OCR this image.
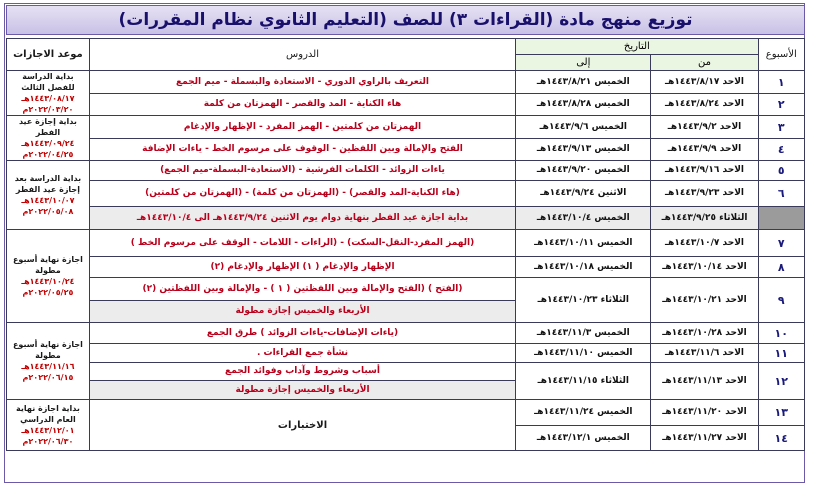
توزيع منهج مادة (القراءات ٣) للصف (التعليم الثانوي نظام المقررات)
الأسبوع	التاريخ		الدروس	موعد الاجازات
	من	إلى		
١	الاحد ١٤٤٣/٨/١٧هـ	الخميس ١٤٤٣/٨/٢١هـ	التعريف بالراوي الدوري - الاستعادة والبسملة - ميم الجمع	بداية الدراسة للفصل الثالث
١٤٤٣/٠٨/١٧هـ
٢٠٢٢/٠٣/٢٠م

٢	الاحد ١٤٤٣/٨/٢٤هـ	الخميس ١٤٤٣/٨/٢٨هـ	هاء الكناية - المد والقصر - الهمزتان من كلمة	
٣	الاحد ١٤٤٣/٩/٢هـ	الخميس ١٤٤٣/٩/٦هـ	الهمزتان من كلمتين - الهمز المفرد - الإظهار والإدغام	بداية إجازة عيد الفطر
١٤٤٣/٠٩/٢٤هـ
٢٠٢٢/٠٤/٢٥م

٤	الاحد ١٤٤٣/٩/٩هـ	الخميس ١٤٤٣/٩/١٣هـ	الفتح والإمالة وبين اللفظين - الوقوف على مرسوم الخط - ياءات الإضافة	
٥	الاحد ١٤٤٣/٩/١٦هـ	الخميس ١٤٤٣/٩/٢٠هـ	ياءات الزوائد - الكلمات الفرشية - (الاستعادة-البسملة-ميم الجمع)	بداية الدراسة بعد إجازة عيد الفطر
١٤٤٣/١٠/٠٧هـ
٢٠٢٢/٠٥/٠٨م

٦	الاحد ١٤٤٣/٩/٢٣هـ	الاثنين ١٤٤٣/٩/٢٤هـ	(هاء الكناية-المد والقصر) - (الهمزتان من كلمة) - (الهمزتان من كلمتين)	
	الثلاثاء ١٤٤٣/٩/٢٥هـ	الخميس ١٤٤٣/١٠/٤هـ	بداية اجازة عيد الفطر بنهاية دوام يوم الاثنين ١٤٤٣/٩/٢٤هـ الى ١٤٤٣/١٠/٤هـ	
٧	الاحد ١٤٤٣/١٠/٧هـ	الخميس ١٤٤٣/١٠/١١هـ	(الهمز المفرد-النقل-السكت) - (الراءات - اللامات - الوقف على مرسوم الخط )	اجازة نهاية أسبوع مطولة
١٤٤٣/١٠/٢٤هـ
٢٠٢٢/٠٥/٢٥م

٨	الاحد ١٤٤٣/١٠/١٤هـ	الخميس ١٤٤٣/١٠/١٨هـ	الإظهار والإدغام ( ١) الإظهار والإدغام (٢)	
٩	الاحد ١٤٤٣/١٠/٢١هـ	الثلاثاء ١٤٤٣/١٠/٢٣هـ	(الفتح ) (الفتح والإمالة وبين اللفظتين ( ١ ) - والإمالة وبين اللفظتين (٢)	
			الأربعاء والخميس إجازة مطولة	
١٠	الاحد ١٤٤٣/١٠/٢٨هـ	الخميس ١٤٤٣/١١/٣هـ	(ياءات الإضافات-ياءات الزوائد ) طرق الجمع	اجازة نهاية أسبوع مطولة
١٤٤٣/١١/١٦هـ
٢٠٢٢/٠٦/١٥م

١١	الاحد ١٤٤٣/١١/٦هـ	الخميس ١٤٤٣/١١/١٠هـ	نشأة جمع القراءات .	
١٢	الاحد ١٤٤٣/١١/١٣هـ	الثلاثاء ١٤٤٣/١١/١٥هـ	أسباب وشروط وآداب وفوائد الجمع	
			الأربعاء والخميس إجازة مطولة	
١٣	الاحد ١٤٤٣/١١/٢٠هـ	الخميس ١٤٤٣/١١/٢٤هـ	الاختبارات	بداية اجازة نهاية العام الدراسي
١٤٤٣/١٢/٠١هـ
٢٠٢٢/٠٦/٣٠م

١٤	الاحد ١٤٤٣/١١/٢٧هـ	الخميس ١٤٤٣/١٢/١هـ		
